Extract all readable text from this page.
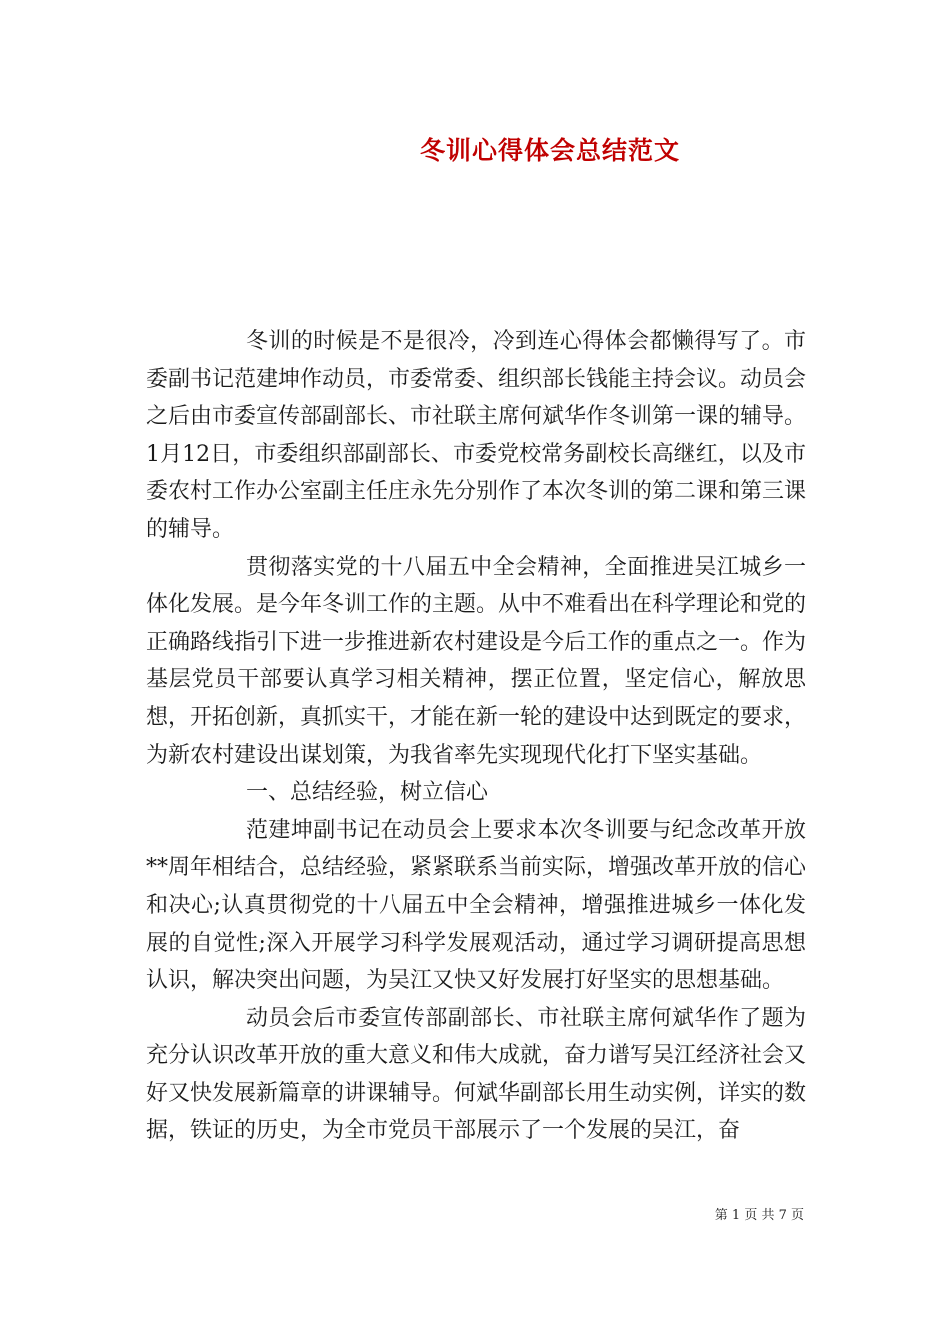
冬训心得体会总结范文

冬训的时候是不是很冷，冷到连心得体会都懒得写了。市委副书记范建坤作动员，市委常委、组织部长钱能主持会议。动员会之后由市委宣传部副部长、市社联主席何斌华作冬训第一课的辅导。1月12日，市委组织部副部长、市委党校常务副校长高继红，以及市委农村工作办公室副主任庄永先分别作了本次冬训的第二课和第三课的辅导。

贯彻落实党的十八届五中全会精神，全面推进吴江城乡一体化发展。是今年冬训工作的主题。从中不难看出在科学理论和党的正确路线指引下进一步推进新农村建设是今后工作的重点之一。作为基层党员干部要认真学习相关精神，摆正位置，坚定信心，解放思想，开拓创新，真抓实干，才能在新一轮的建设中达到既定的要求，为新农村建设出谋划策，为我省率先实现现代化打下坚实基础。

一、总结经验，树立信心

范建坤副书记在动员会上要求本次冬训要与纪念改革开放**周年相结合，总结经验，紧紧联系当前实际，增强改革开放的信心和决心;认真贯彻党的十八届五中全会精神，增强推进城乡一体化发展的自觉性;深入开展学习科学发展观活动，通过学习调研提高思想认识，解决突出问题，为吴江又快又好发展打好坚实的思想基础。

动员会后市委宣传部副部长、市社联主席何斌华作了题为充分认识改革开放的重大意义和伟大成就，奋力谱写吴江经济社会又好又快发展新篇章的讲课辅导。何斌华副部长用生动实例，详实的数据，铁证的历史，为全市党员干部展示了一个发展的吴江，奋

第 1 页 共 7 页
